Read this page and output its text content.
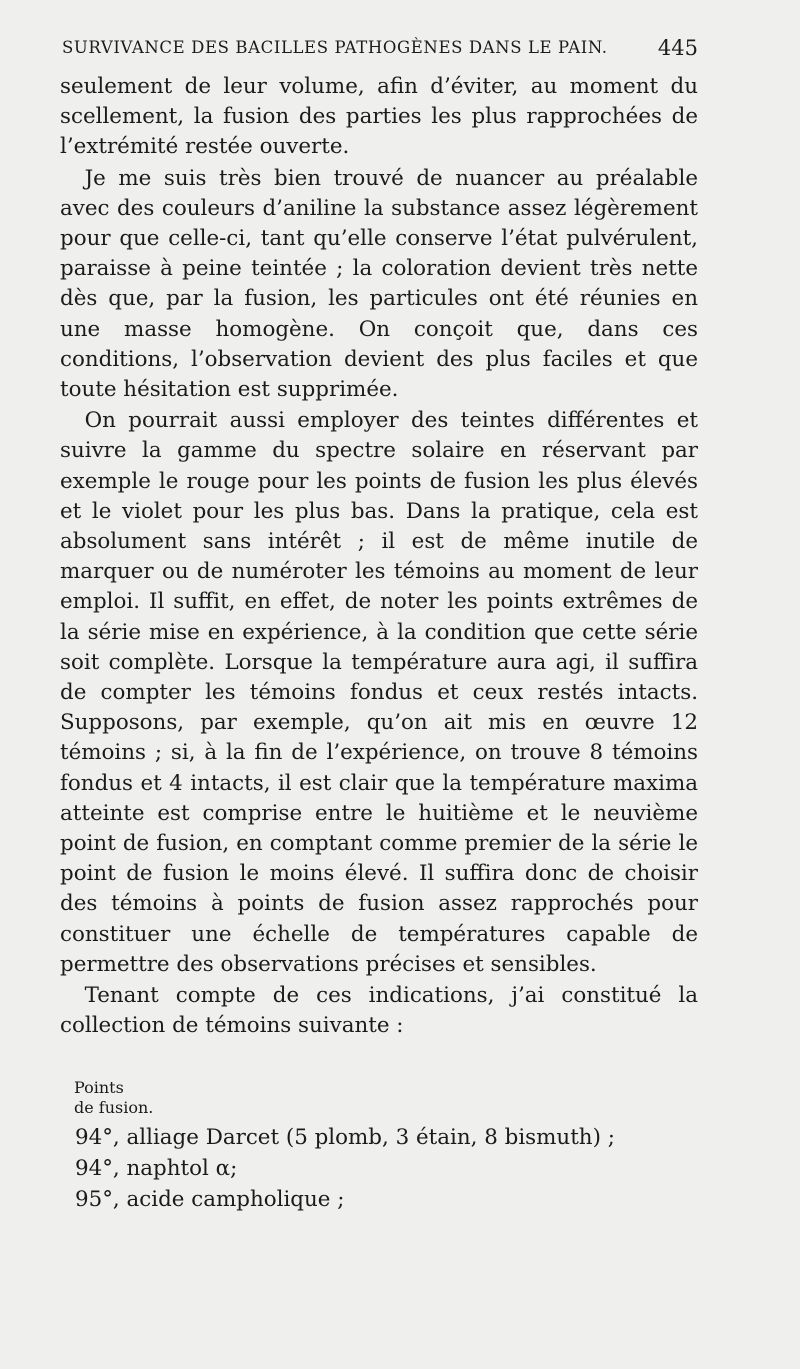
SURVIVANCE DES BACILLES PATHOGÈNES DANS LE PAIN. 445

seulement de leur volume, afin d’éviter, au moment du scellement, la fusion des parties les plus rapprochées de l’extrémité restée ouverte.

Je me suis très bien trouvé de nuancer au préalable avec des couleurs d’aniline la substance assez légèrement pour que celle-ci, tant qu’elle conserve l’état pulvérulent, paraisse à peine teintée ; la coloration devient très nette dès que, par la fusion, les particules ont été réunies en une masse homogène. On conçoit que, dans ces conditions, l’observation devient des plus faciles et que toute hésitation est supprimée.

On pourrait aussi employer des teintes différentes et suivre la gamme du spectre solaire en réservant par exemple le rouge pour les points de fusion les plus élevés et le violet pour les plus bas. Dans la pratique, cela est absolument sans intérêt ; il est de même inutile de marquer ou de numéroter les témoins au moment de leur emploi. Il suffit, en effet, de noter les points extrêmes de la série mise en expérience, à la condition que cette série soit complète. Lorsque la température aura agi, il suffira de compter les témoins fondus et ceux restés intacts. Supposons, par exemple, qu’on ait mis en œuvre 12 témoins ; si, à la fin de l’expérience, on trouve 8 témoins fondus et 4 intacts, il est clair que la température maxima atteinte est comprise entre le huitième et le neuvième point de fusion, en comptant comme premier de la série le point de fusion le moins élevé. Il suffira donc de choisir des témoins à points de fusion assez rapprochés pour constituer une échelle de températures capable de permettre des observations précises et sensibles.

Tenant compte de ces indications, j’ai constitué la collection de témoins suivante :

Points
de fusion.
94°, alliage Darcet (5 plomb, 3 étain, 8 bismuth) ;
94°, naphtol α;
95°, acide campholique ;
